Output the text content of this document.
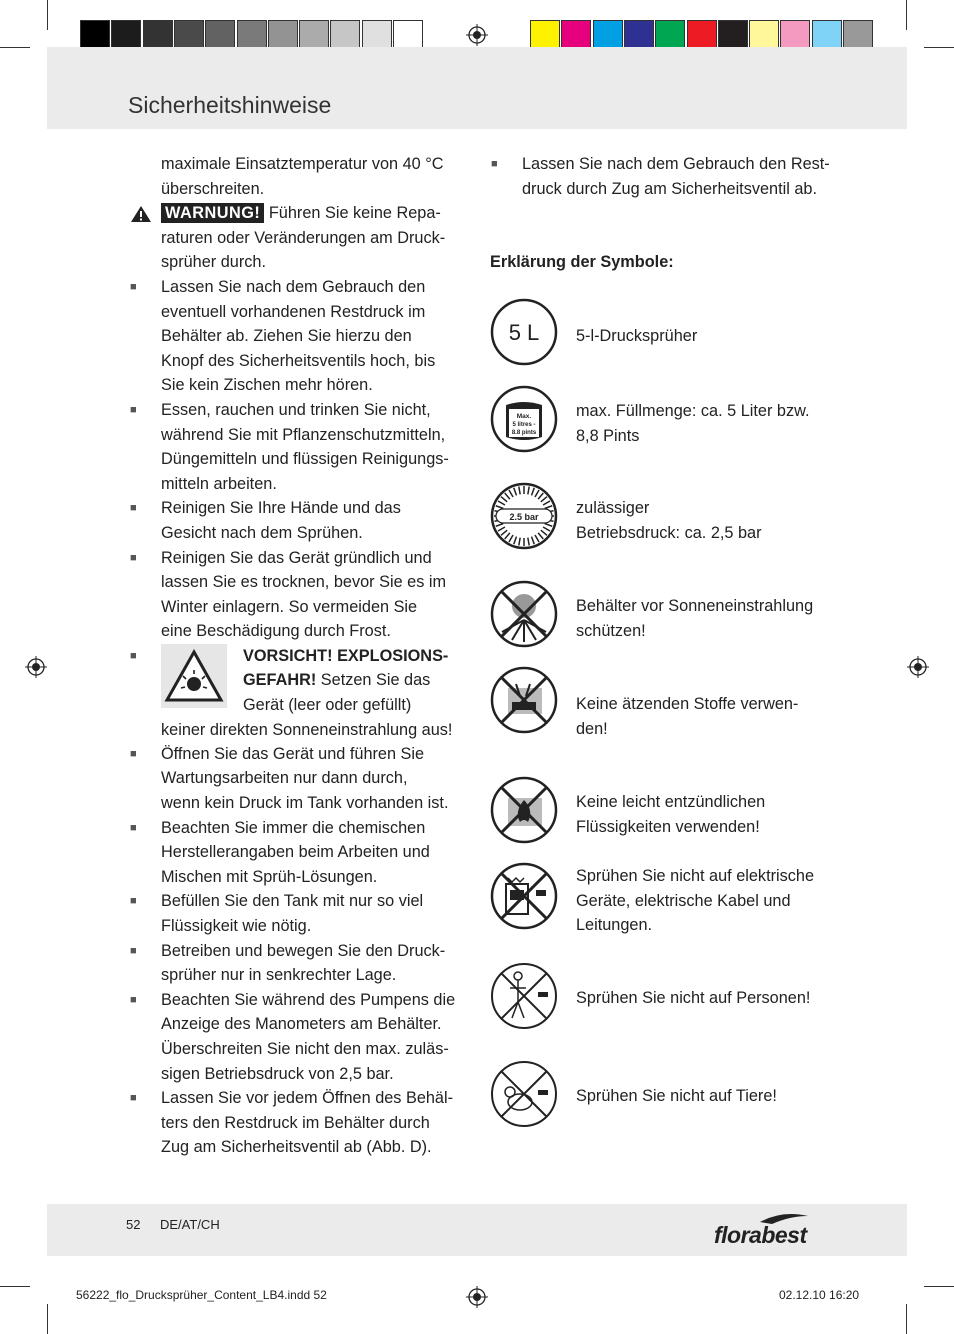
Sicherheitshinweise
maximale Einsatztemperatur von 40 °C
überschreiten.
WARNUNG! Führen Sie keine Repa-
raturen oder Veränderungen am Druck-
sprüher durch.
■ Lassen Sie nach dem Gebrauch den
eventuell vorhandenen Restdruck im
Behälter ab. Ziehen Sie hierzu den
Knopf des Sicherheitsventils hoch, bis
Sie kein Zischen mehr hören.
■ Essen, rauchen und trinken Sie nicht,
während Sie mit Pflanzenschutzmitteln,
Düngemitteln und flüssigen Reinigungs-
mitteln arbeiten.
■ Reinigen Sie Ihre Hände und das
Gesicht nach dem Sprühen.
■ Reinigen Sie das Gerät gründlich und
lassen Sie es trocknen, bevor Sie es im
Winter einlagern. So vermeiden Sie
eine Beschädigung durch Frost.
■	VORSICHT! EXPLOSIONS-
GEFAHR! Setzen Sie das
Gerät (leer oder gefüllt)
keiner direkten Sonneneinstrahlung aus!
■ Öffnen Sie das Gerät und führen Sie
Wartungsarbeiten nur dann durch,
wenn kein Druck im Tank vorhanden ist.
■ Beachten Sie immer die chemischen
Herstellerangaben beim Arbeiten und
Mischen mit Sprüh-Lösungen.
■ Befüllen Sie den Tank mit nur so viel
Flüssigkeit wie nötig.
■ Betreiben und bewegen Sie den Druck-
sprüher nur in senkrechter Lage.
■ Beachten Sie während des Pumpens die
Anzeige des Manometers am Behälter.
Überschreiten Sie nicht den max. zuläs-
sigen Betriebsdruck von 2,5 bar.
■ Lassen Sie vor jedem Öffnen des Behäl-
ters den Restdruck im Behälter durch
Zug am Sicherheitsventil ab (Abb. D).
■ Lassen Sie nach dem Gebrauch den Rest-
druck durch Zug am Sicherheitsventil ab.
Erklärung der Symbole:
5 L 5-l-Drucksprüher
Max.
5 litres -
8.8 pints
max. Füllmenge: ca. 5 Liter bzw.
8,8 Pints
2.5 bar zulässiger
Betriebsdruck: ca. 2,5 bar
Behälter vor Sonneneinstrahlung
schützen!
Keine ätzenden Stoffe verwen-
den!
Keine leicht entzündlichen
Flüssigkeiten verwenden!
Sprühen Sie nicht auf elektrische
Geräte, elektrische Kabel und
Leitungen.
Sprühen Sie nicht auf Personen!
Sprühen Sie nicht auf Tiere!
52 DE/AT/CH	florabest
56222_flo_Drucksprüher_Content_LB4.indd 52	02.12.10 16:20
